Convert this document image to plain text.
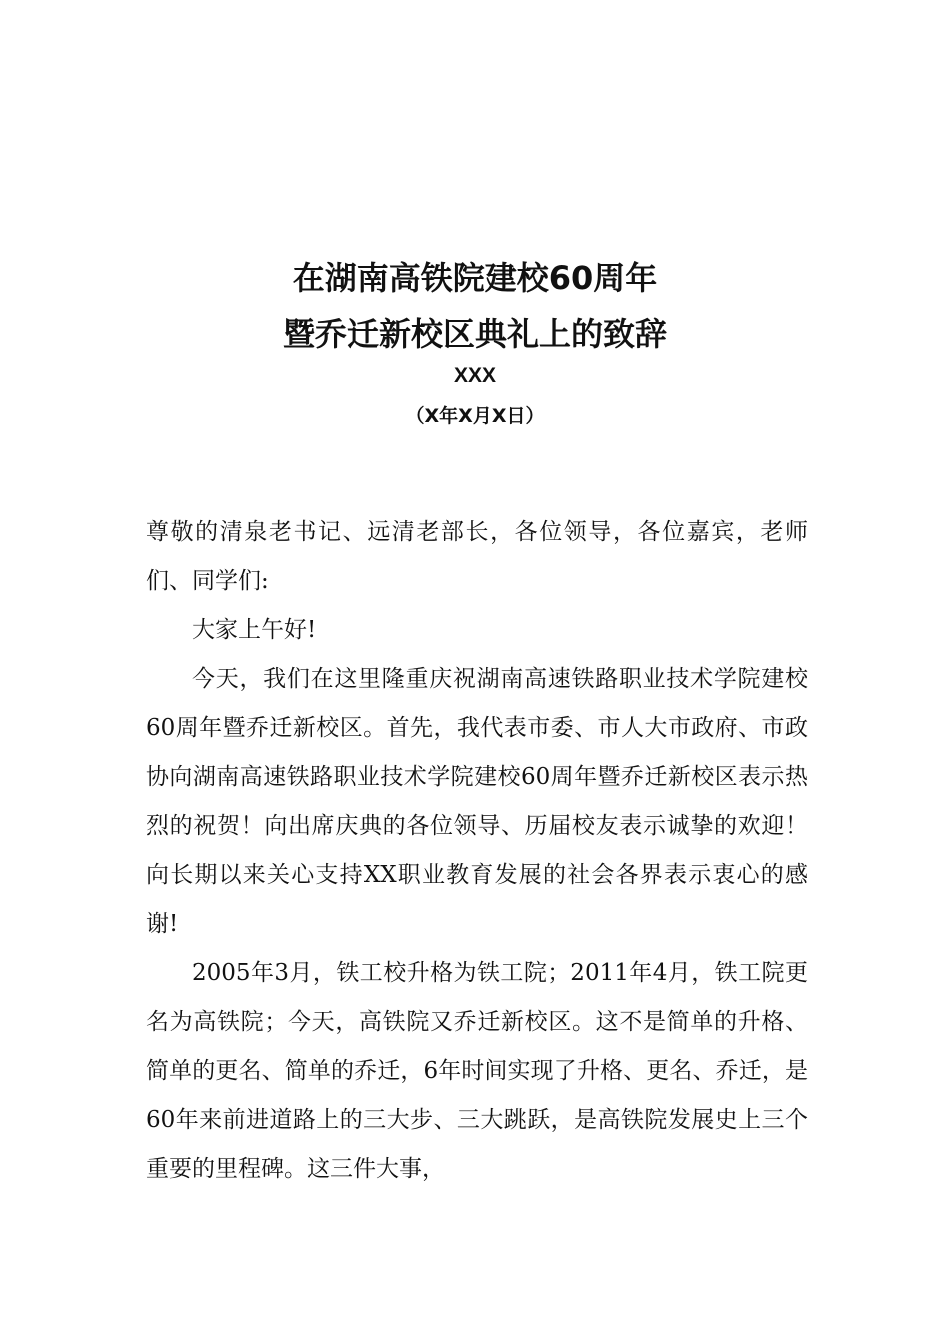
在湖南高铁院建校60周年
暨乔迁新校区典礼上的致辞
XXX
（X年X月X日）

尊敬的清泉老书记、远清老部长，各位领导，各位嘉宾，老师们、同学们:

大家上午好!

今天，我们在这里隆重庆祝湖南高速铁路职业技术学院建校60周年暨乔迁新校区。首先，我代表市委、市人大市政府、市政协向湖南高速铁路职业技术学院建校60周年暨乔迁新校区表示热烈的祝贺！向出席庆典的各位领导、历届校友表示诚挚的欢迎！向长期以来关心支持XX职业教育发展的社会各界表示衷心的感谢!

2005年3月，铁工校升格为铁工院；2011年4月，铁工院更名为高铁院；今天，高铁院又乔迁新校区。这不是简单的升格、简单的更名、简单的乔迁，6年时间实现了升格、更名、乔迁，是60年来前进道路上的三大步、三大跳跃，是高铁院发展史上三个重要的里程碑。这三件大事，
